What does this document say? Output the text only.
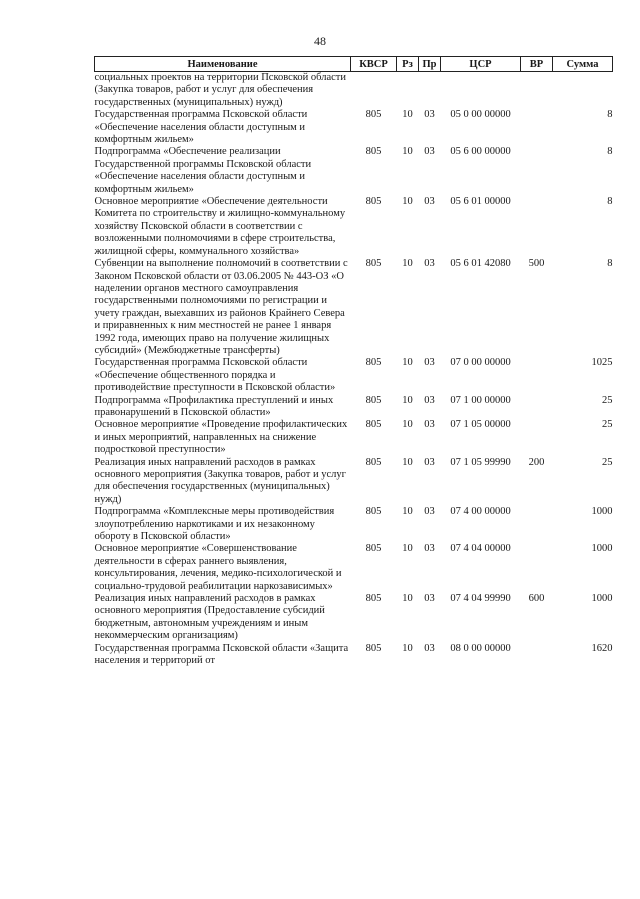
48
Наименование	КВСР	Рз	Пр	ЦСР	ВР	Сумма
социальных проектов на территории Псковской области (Закупка товаров, работ и услуг для обеспечения государственных (муниципальных) нужд)						
Государственная программа Псковской области «Обеспечение населения области доступным и комфортным жильем»	805	10	03	05 0 00 00000		8
Подпрограмма «Обеспечение реализации Государственной программы Псковской области «Обеспечение населения области доступным и комфортным жильем»	805	10	03	05 6 00 00000		8
Основное мероприятие «Обеспечение деятельности Комитета по строительству и жилищно-коммунальному хозяйству Псковской области в соответствии с возложенными полномочиями в сфере строительства, жилищной сферы, коммунального хозяйства»	805	10	03	05 6 01 00000		8
Субвенции на выполнение полномочий в соответствии с Законом Псковской области от 03.06.2005 № 443-ОЗ «О наделении органов местного самоуправления государственными полномочиями по регистрации и учету граждан, выехавших из районов Крайнего Севера и приравненных к ним местностей не ранее 1 января 1992 года, имеющих право на получение жилищных субсидий» (Межбюджетные трансферты)	805	10	03	05 6 01 42080	500	8
Государственная программа Псковской области «Обеспечение общественного порядка и противодействие преступности в Псковской области»	805	10	03	07 0 00 00000		1025
Подпрограмма «Профилактика преступлений и иных правонарушений в Псковской области»	805	10	03	07 1 00 00000		25
Основное мероприятие «Проведение профилактических и иных мероприятий, направленных на снижение подростковой преступности»	805	10	03	07 1 05 00000		25
Реализация иных направлений расходов в рамках основного мероприятия (Закупка товаров, работ и услуг для обеспечения государственных (муниципальных) нужд)	805	10	03	07 1 05 99990	200	25
Подпрограмма «Комплексные меры противодействия злоупотреблению наркотиками и их незаконному обороту в Псковской области»	805	10	03	07 4 00 00000		1000
Основное мероприятие «Совершенствование деятельности в сферах раннего выявления, консультирования, лечения, медико-психологической и социально-трудовой реабилитации наркозависимых»	805	10	03	07 4 04 00000		1000
Реализация иных направлений расходов в рамках основного мероприятия (Предоставление субсидий бюджетным, автономным учреждениям и иным некоммерческим организациям)	805	10	03	07 4 04 99990	600	1000
Государственная программа Псковской области «Защита населения и территорий от	805	10	03	08 0 00 00000		1620
